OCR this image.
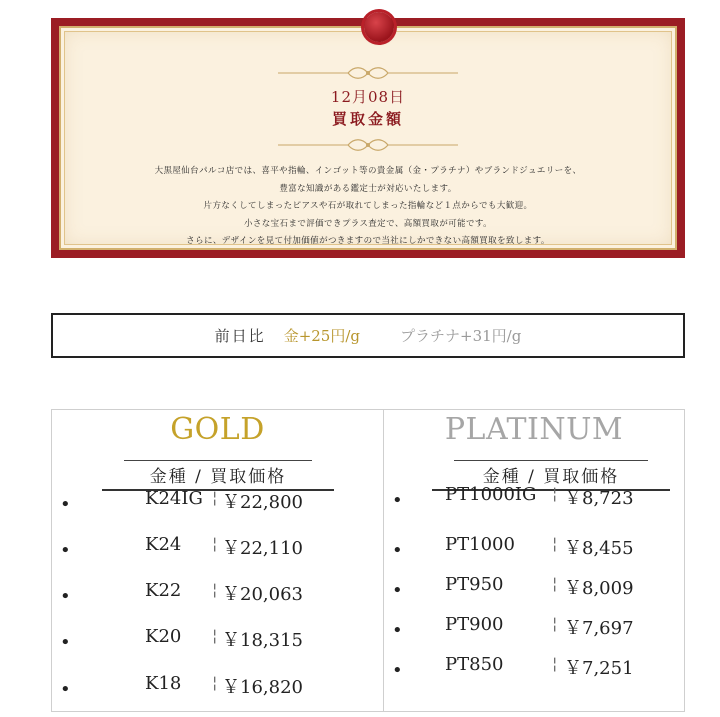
12月08日
買取金額
大黒屋仙台パルコ店では、喜平や指輪、インゴット等の貴金属（金・プラチナ）やブランドジュエリーを、
豊富な知識がある鑑定士が対応いたします。
片方なくしてしまったピアスや石が取れてしまった指輪など１点からでも大歓迎。
小さな宝石まで評価できプラス査定で、高額買取が可能です。
さらに、デザインを見て付加価値がつきますので当社にしかできない高額買取を致します。
前日比 金+25円/g	プラチナ+31円/g
GOLD
金種 / 買取価格
•	K24IG ¦ ￥22,800
•	K24 ¦ ￥22,110
•	K22 ¦ ￥20,063
•	K20 ¦ ￥18,315
•	K18 ¦ ￥16,820
PLATINUM
金種 / 買取価格
• PT1000IG ¦ ￥8,723
• PT1000 ¦ ￥8,455
• PT950	¦ ￥8,009
• PT900	¦ ￥7,697
• PT850	¦ ￥7,251
